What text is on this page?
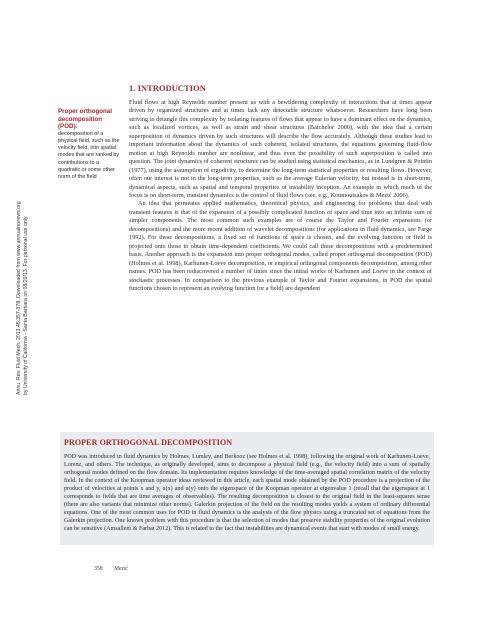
Annu. Rev. Fluid Mech. 2013.45:357-378. Downloaded from www.annualreviews.org by University of California - Santa Barbara on 08/20/13. For personal use only.
Proper orthogonal decomposition (POD):
decomposition of a physical field, such as the velocity field, into spatial modes that are ranked by contributions to a quadratic or some other norm of the field
1. INTRODUCTION

Fluid flows at high Reynolds number present us with a bewildering complexity of interactions that at times appear driven by organized structures and at times lack any detectable structure whatsoever. Researchers have long been striving to detangle this complexity by isolating features of flows that appear to have a dominant effect on the dynamics, such as localized vortices, as well as strain and shear structures (Batchelor 2000), with the idea that a certain superposition of dynamics driven by such structures will describe the flow accurately. Although these studies lead to important information about the dynamics of such coherent, isolated structures, the equations governing fluid-flow motion at high Reynolds number are nonlinear, and thus even the possibility of such superposition is called into question. The joint dynamics of coherent structures can be studied using statistical mechanics, as in Lundgren & Pointin (1977), using the assumption of ergodicity, to determine the long-term statistical properties or resulting flows. However, often our interest is not in the long-term properties, such as the average Eulerian velocity, but instead is in short-term, dynamical aspects, such as spatial and temporal properties of instability inception. An example in which much of the focus is on short-term, transient dynamics is the control of fluid flows (see, e.g., Koumoutsakos & Mezić 2006).

An idea that permeates applied mathematics, theoretical physics, and engineering for problems that deal with transient features is that of the expansion of a possibly complicated function of space and time into an infinite sum of simpler components. The most common such examples are of course the Taylor and Fourier expansions (or decompositions) and the more recent addition of wavelet decompositions (for applications in fluid dynamics, see Farge 1992). For these decompositions, a fixed set of functions of space is chosen, and the evolving function or field is projected onto those to obtain time-dependent coefficients. We could call these decompositions with a predetermined basis. Another approach is the expansion into proper orthogonal modes, called proper orthogonal decomposition (POD) (Holmes et al. 1998), Karhunen-Loeve decomposition, or empirical orthogonal components decomposition, among other names. POD has been rediscovered a number of times since the initial works of Karhunen and Loeve in the context of stochastic processes. In comparison to the previous example of Taylor and Fourier expansions, in POD the spatial functions chosen to represent an evolving function (or a field) are dependent

PROPER ORTHOGONAL DECOMPOSITION

POD was introduced in fluid dynamics by Holmes, Lumley, and Berkooz (see Holmes et al. 1998), following the original work of Karhunen-Loeve, Lorenz, and others. The technique, as originally developed, aims to decompose a physical field (e.g., the velocity field) into a sum of spatially orthogonal modes defined on the flow domain. Its implementation requires knowledge of the time-averaged spatial correlation matrix of the velocity field. In the context of the Koopman operator ideas reviewed in this article, each spatial mode obtained by the POD procedure is a projection of the product of velocities at points x and y, u(x) and u(y) onto the eigenspace of the Koopman operator at eigenvalue 1 (recall that the eigenspace at 1 corresponds to fields that are time averages of observables). The resulting decomposition is closest to the original field in the least-squares sense (there are also variants that minimize other norms). Galerkin projection of the field on the resulting modes yields a system of ordinary differential equations. One of the most common uses for POD in fluid dynamics is the analysis of the flow physics using a truncated set of equations from the Galerkin projection. One known problem with this procedure is that the selection of modes that preserve stability properties of the original evolution can be sensitive (Amsallem & Farhat 2012). This is related to the fact that instabilities are dynamical events that start with modes of small energy.

358 Mezić
